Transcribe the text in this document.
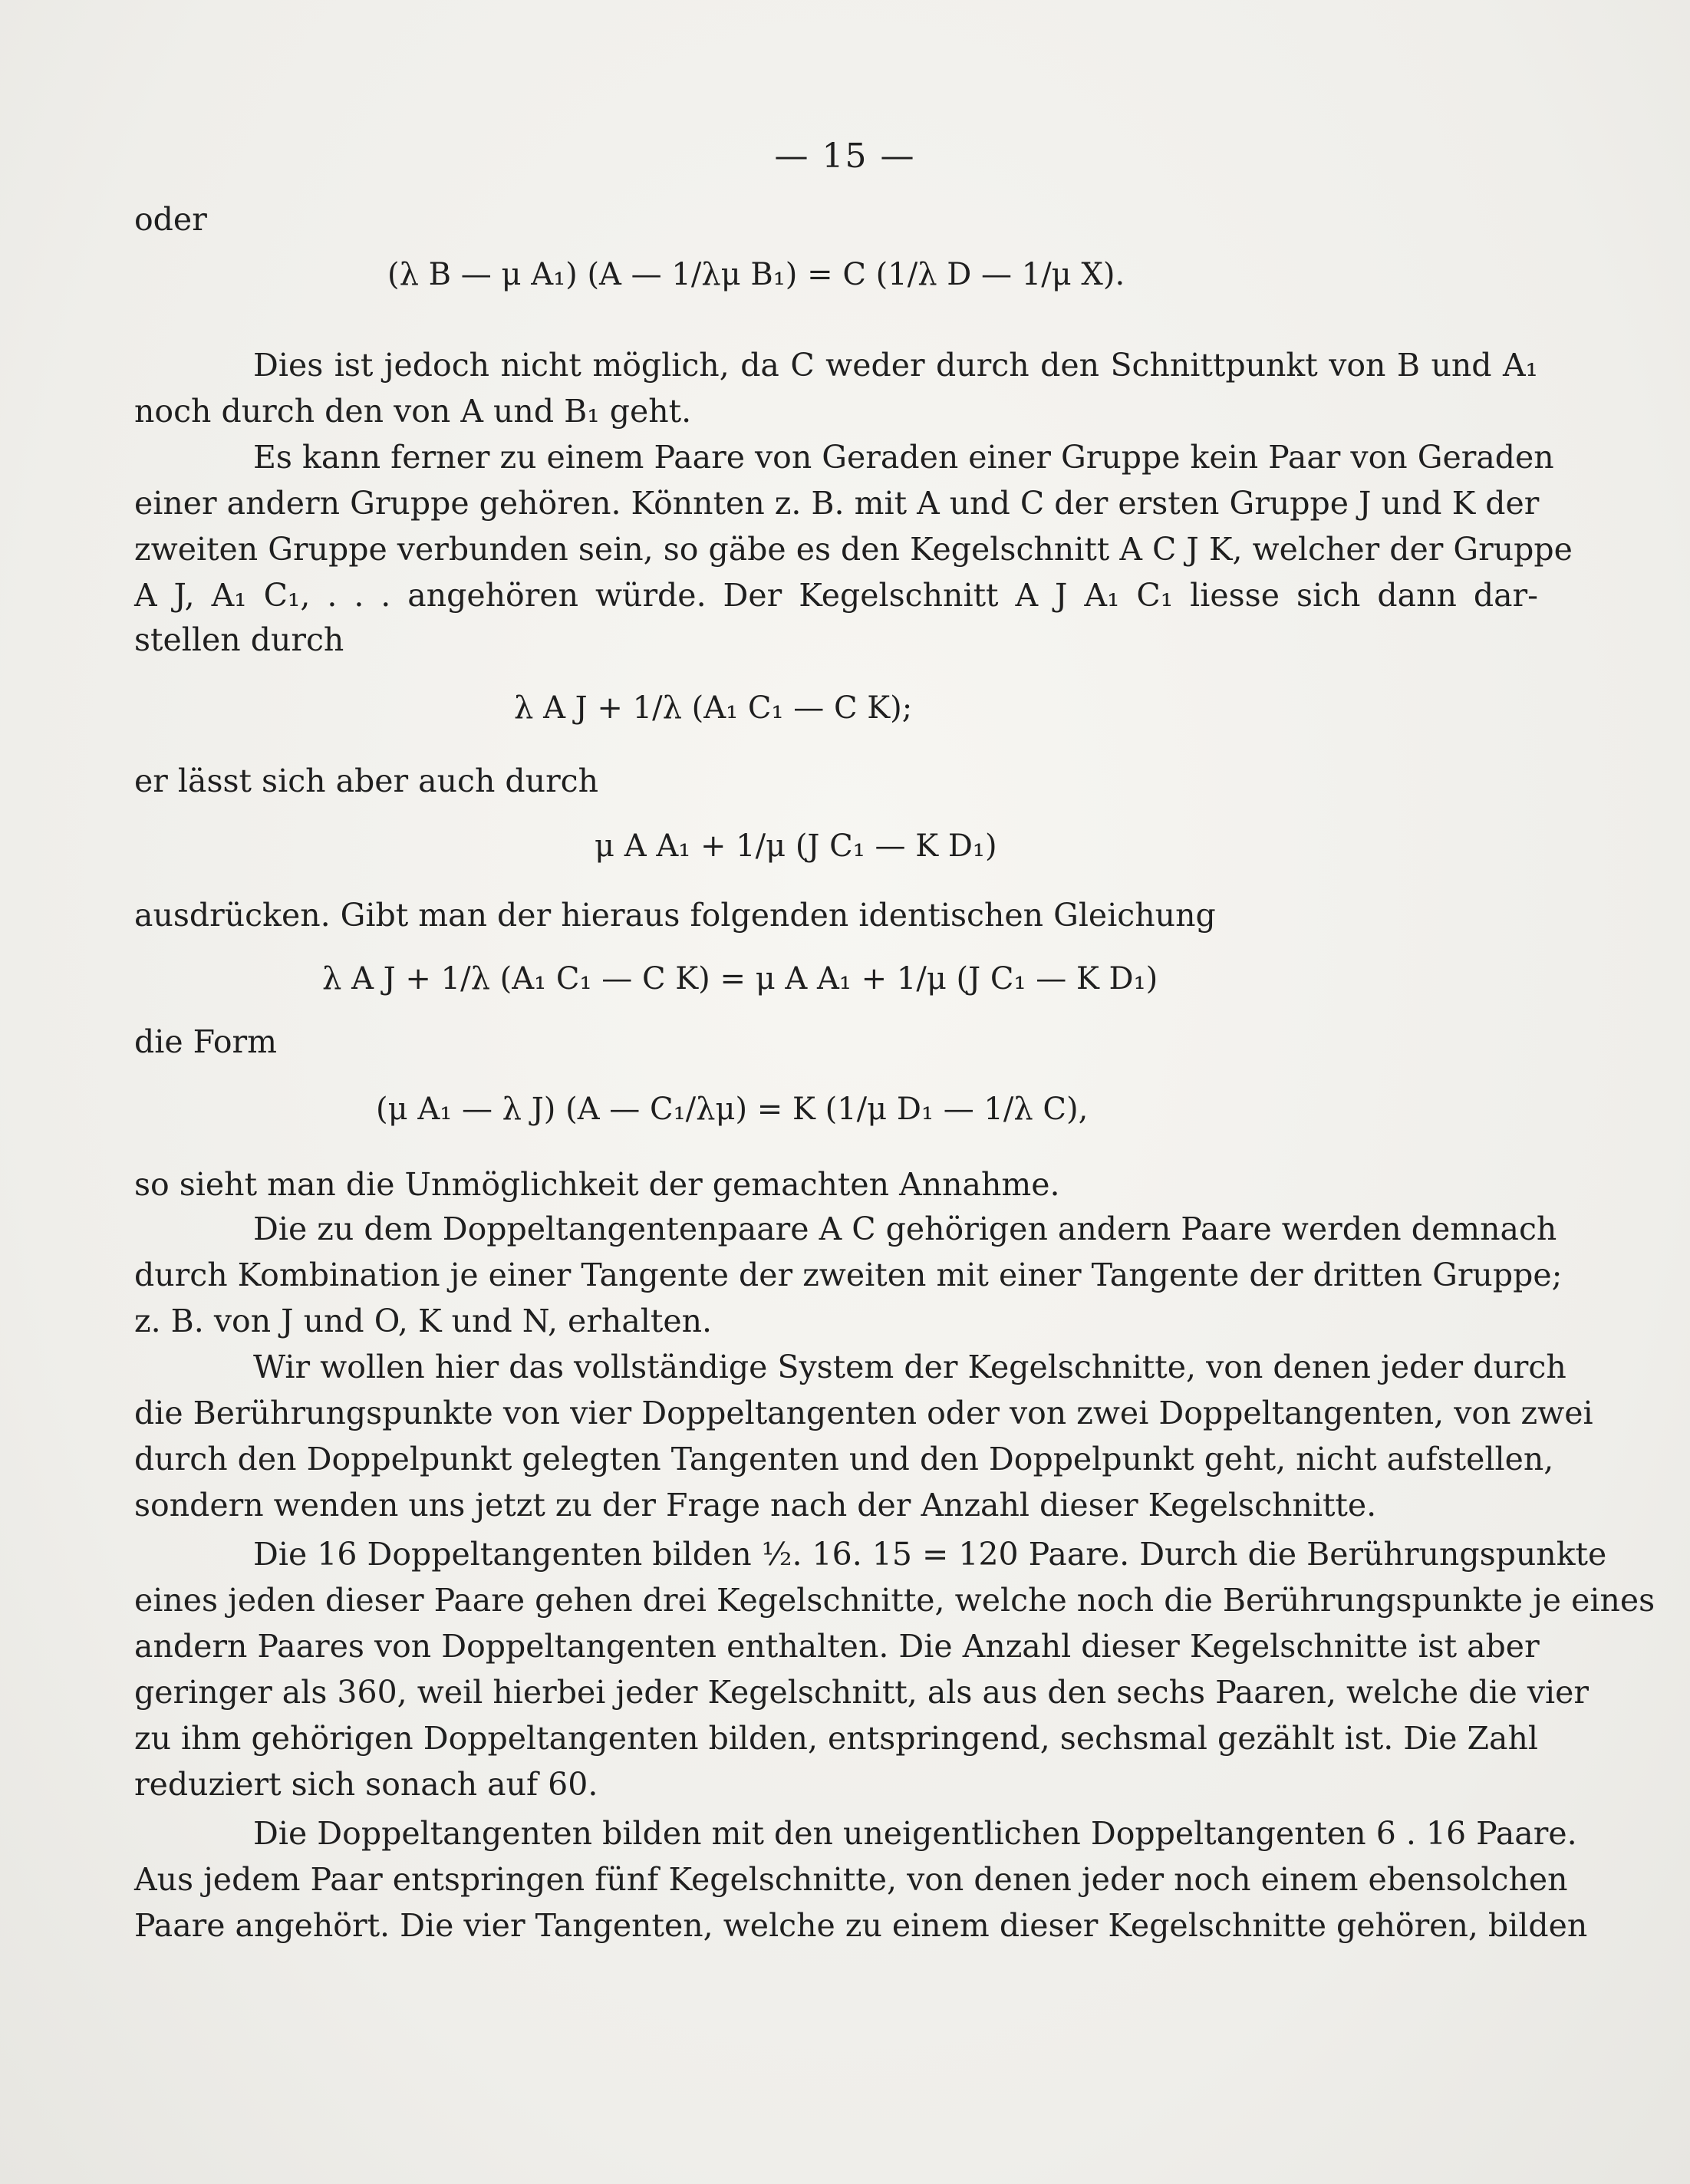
— 15 —
oder
(λ B — μ A₁) (A — 1/λμ B₁) = C (1/λ D — 1/μ X).
Dies ist jedoch nicht möglich, da C weder durch den Schnittpunkt von B und A₁
noch durch den von A und B₁ geht.
Es kann ferner zu einem Paare von Geraden einer Gruppe kein Paar von Geraden
einer andern Gruppe gehören. Könnten z. B. mit A und C der ersten Gruppe J und K der
zweiten Gruppe verbunden sein, so gäbe es den Kegelschnitt A C J K, welcher der Gruppe
A J, A₁ C₁, . . . angehören würde. Der Kegelschnitt A J A₁ C₁ liesse sich dann dar-
stellen durch
λ A J + 1/λ (A₁ C₁ — C K);
er lässt sich aber auch durch
μ A A₁ + 1/μ (J C₁ — K D₁)
ausdrücken. Gibt man der hieraus folgenden identischen Gleichung
λ A J + 1/λ (A₁ C₁ — C K) = μ A A₁ + 1/μ (J C₁ — K D₁)
die Form
(μ A₁ — λ J) (A — C₁/λμ) = K (1/μ D₁ — 1/λ C),
so sieht man die Unmöglichkeit der gemachten Annahme.
Die zu dem Doppeltangentenpaare A C gehörigen andern Paare werden demnach
durch Kombination je einer Tangente der zweiten mit einer Tangente der dritten Gruppe;
z. B. von J und O, K und N, erhalten.
Wir wollen hier das vollständige System der Kegelschnitte, von denen jeder durch
die Berührungspunkte von vier Doppeltangenten oder von zwei Doppeltangenten, von zwei
durch den Doppelpunkt gelegten Tangenten und den Doppelpunkt geht, nicht aufstellen,
sondern wenden uns jetzt zu der Frage nach der Anzahl dieser Kegelschnitte.
Die 16 Doppeltangenten bilden ½. 16. 15 = 120 Paare. Durch die Berührungspunkte
eines jeden dieser Paare gehen drei Kegelschnitte, welche noch die Berührungspunkte je eines
andern Paares von Doppeltangenten enthalten. Die Anzahl dieser Kegelschnitte ist aber
geringer als 360, weil hierbei jeder Kegelschnitt, als aus den sechs Paaren, welche die vier
zu ihm gehörigen Doppeltangenten bilden, entspringend, sechsmal gezählt ist. Die Zahl
reduziert sich sonach auf 60.
Die Doppeltangenten bilden mit den uneigentlichen Doppeltangenten 6 . 16 Paare.
Aus jedem Paar entspringen fünf Kegelschnitte, von denen jeder noch einem ebensolchen
Paare angehört. Die vier Tangenten, welche zu einem dieser Kegelschnitte gehören, bilden
